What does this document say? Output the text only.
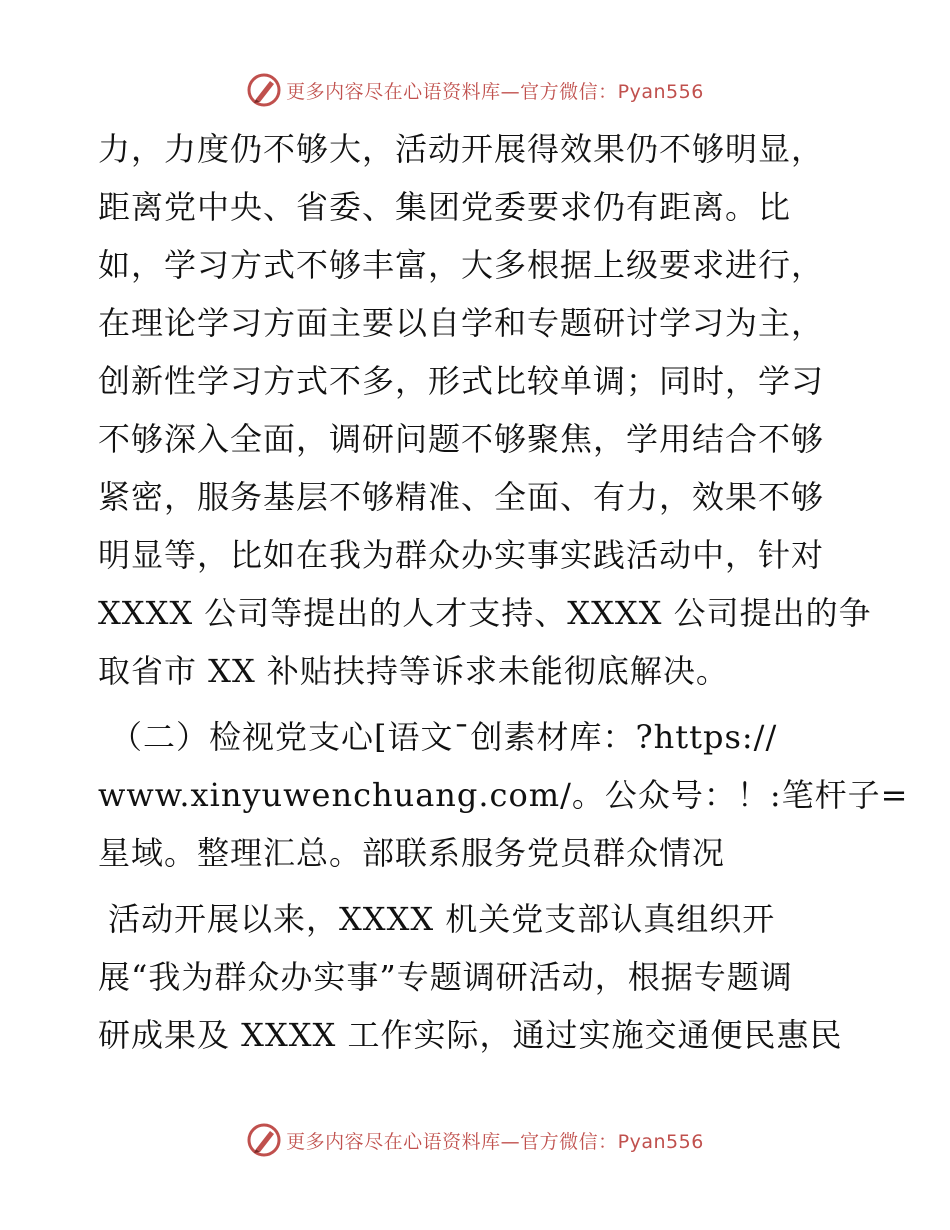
更多内容尽在心语资料库—官方微信：Pyan556
力，力度仍不够大，活动开展得效果仍不够明显，
距离党中央、省委、集团党委要求仍有距离。比
如，学习方式不够丰富，大多根据上级要求进行，
在理论学习方面主要以自学和专题研讨学习为主，
创新性学习方式不多，形式比较单调；同时，学习
不够深入全面，调研问题不够聚焦，学用结合不够
紧密，服务基层不够精准、全面、有力，效果不够
明显等，比如在我为群众办实事实践活动中，针对
XXXX 公司等提出的人才支持、XXXX 公司提出的争
取省市 XX 补贴扶持等诉求未能彻底解决。
（二）检视党支心[语文¯创素材库：?https://
www.xinyuwenchuang.com/。公众号：！:笔杆子=
星域。整理汇总。部联系服务党员群众情况
活动开展以来，XXXX 机关党支部认真组织开
展“我为群众办实事”专题调研活动，根据专题调
研成果及 XXXX 工作实际，通过实施交通便民惠民
更多内容尽在心语资料库—官方微信：Pyan556
